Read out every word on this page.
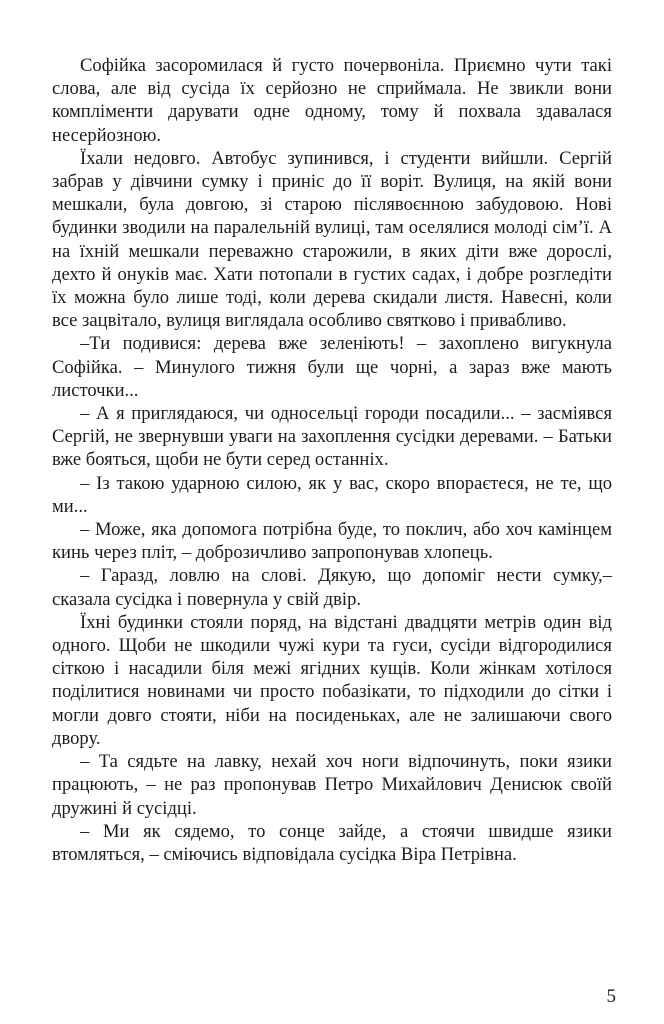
Софійка засоромилася й густо почервоніла. Приємно чути такі слова, але від сусіда їх серйозно не сприймала. Не звикли вони компліменти дарувати одне одному, тому й похвала здавалася несерйозною.

Їхали недовго. Автобус зупинився, і студенти вийшли. Сергій забрав у дівчини сумку і приніс до її воріт. Вулиця, на якій вони мешкали, була довгою, зі старою післявоєнною забудовою. Нові будинки зводили на паралельній вулиці, там оселялися молоді сім’ї. А на їхній мешкали переважно старожили, в яких діти вже дорослі, дехто й онуків має. Хати потопали в густих садах, і добре розгледіти їх можна було лише тоді, коли дерева скидали листя. Навесні, коли все зацвітало, вулиця виглядала особливо святково і привабливо.

–Ти подивися: дерева вже зеленіють! – захоплено вигукнула Софійка. – Минулого тижня були ще чорні, а зараз вже мають листочки...

– А я приглядаюся, чи односельці городи посадили... – засміявся Сергій, не звернувши уваги на захоплення сусідки деревами. – Батьки вже бояться, щоби не бути серед останніх.

– Із такою ударною силою, як у вас, скоро впораєтеся, не те, що ми...

– Може, яка допомога потрібна буде, то поклич, або хоч камінцем кинь через пліт, – доброзичливо запропонував хлопець.

– Гаразд, ловлю на слові. Дякую, що допоміг нести сумку,– сказала сусідка і повернула у свій двір.

Їхні будинки стояли поряд, на відстані двадцяти метрів один від одного. Щоби не шкодили чужі кури та гуси, сусіди відгородилися сіткою і насадили біля межі ягідних кущів. Коли жінкам хотілося поділитися новинами чи просто побазікати, то підходили до сітки і могли довго стояти, ніби на посиденьках, але не залишаючи свого двору.

– Та сядьте на лавку, нехай хоч ноги відпочинуть, поки язики працюють, – не раз пропонував Петро Михайлович Денисюк своїй дружині й сусідці.

– Ми як сядемо, то сонце зайде, а стоячи швидше язики втомляться, – сміючись відповідала сусідка Віра Петрівна.

5
